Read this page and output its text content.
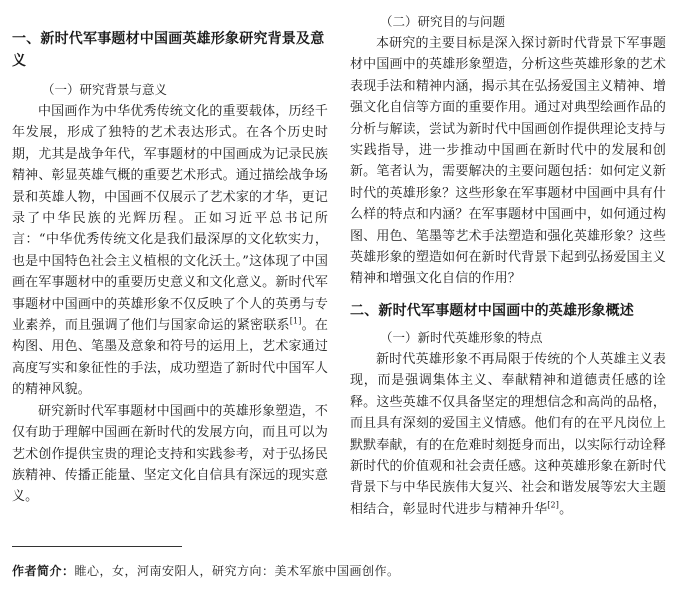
一、新时代军事题材中国画英雄形象研究背景及意义
（一）研究背景与意义

中国画作为中华优秀传统文化的重要载体，历经千年发展，形成了独特的艺术表达形式。在各个历史时期，尤其是战争年代，军事题材的中国画成为记录民族精神、彰显英雄气概的重要艺术形式。通过描绘战争场景和英雄人物，中国画不仅展示了艺术家的才华，更记录了中华民族的光辉历程。正如习近平总书记所言：“中华优秀传统文化是我们最深厚的文化软实力，也是中国特色社会主义植根的文化沃土。”这体现了中国画在军事题材中的重要历史意义和文化意义。新时代军事题材中国画中的英雄形象不仅反映了个人的英勇与专业素养，而且强调了他们与国家命运的紧密联系[1]。在构图、用色、笔墨及意象和符号的运用上，艺术家通过高度写实和象征性的手法，成功塑造了新时代中国军人的精神风貌。

研究新时代军事题材中国画中的英雄形象塑造，不仅有助于理解中国画在新时代的发展方向，而且可以为艺术创作提供宝贵的理论支持和实践参考，对于弘扬民族精神、传播正能量、坚定文化自信具有深远的现实意义。

（二）研究目的与问题

本研究的主要目标是深入探讨新时代背景下军事题材中国画中的英雄形象塑造，分析这些英雄形象的艺术表现手法和精神内涵，揭示其在弘扬爱国主义精神、增强文化自信等方面的重要作用。通过对典型绘画作品的分析与解读，尝试为新时代中国画创作提供理论支持与实践指导，进一步推动中国画在新时代中的发展和创新。笔者认为，需要解决的主要问题包括：如何定义新时代的英雄形象？这些形象在军事题材中国画中具有什么样的特点和内涵？在军事题材中国画中，如何通过构图、用色、笔墨等艺术手法塑造和强化英雄形象？这些英雄形象的塑造如何在新时代背景下起到弘扬爱国主义精神和增强文化自信的作用？

二、新时代军事题材中国画中的英雄形象概述
（一）新时代英雄形象的特点

新时代英雄形象不再局限于传统的个人英雄主义表现，而是强调集体主义、奉献精神和道德责任感的诠释。这些英雄不仅具备坚定的理想信念和高尚的品格，而且具有深刻的爱国主义情感。他们有的在平凡岗位上默默奉献，有的在危难时刻挺身而出，以实际行动诠释新时代的价值观和社会责任感。这种英雄形象在新时代背景下与中华民族伟大复兴、社会和谐发展等宏大主题相结合，彰显时代进步与精神升华[2]。

作者简介：睢心，女，河南安阳人，研究方向：美术军旅中国画创作。
